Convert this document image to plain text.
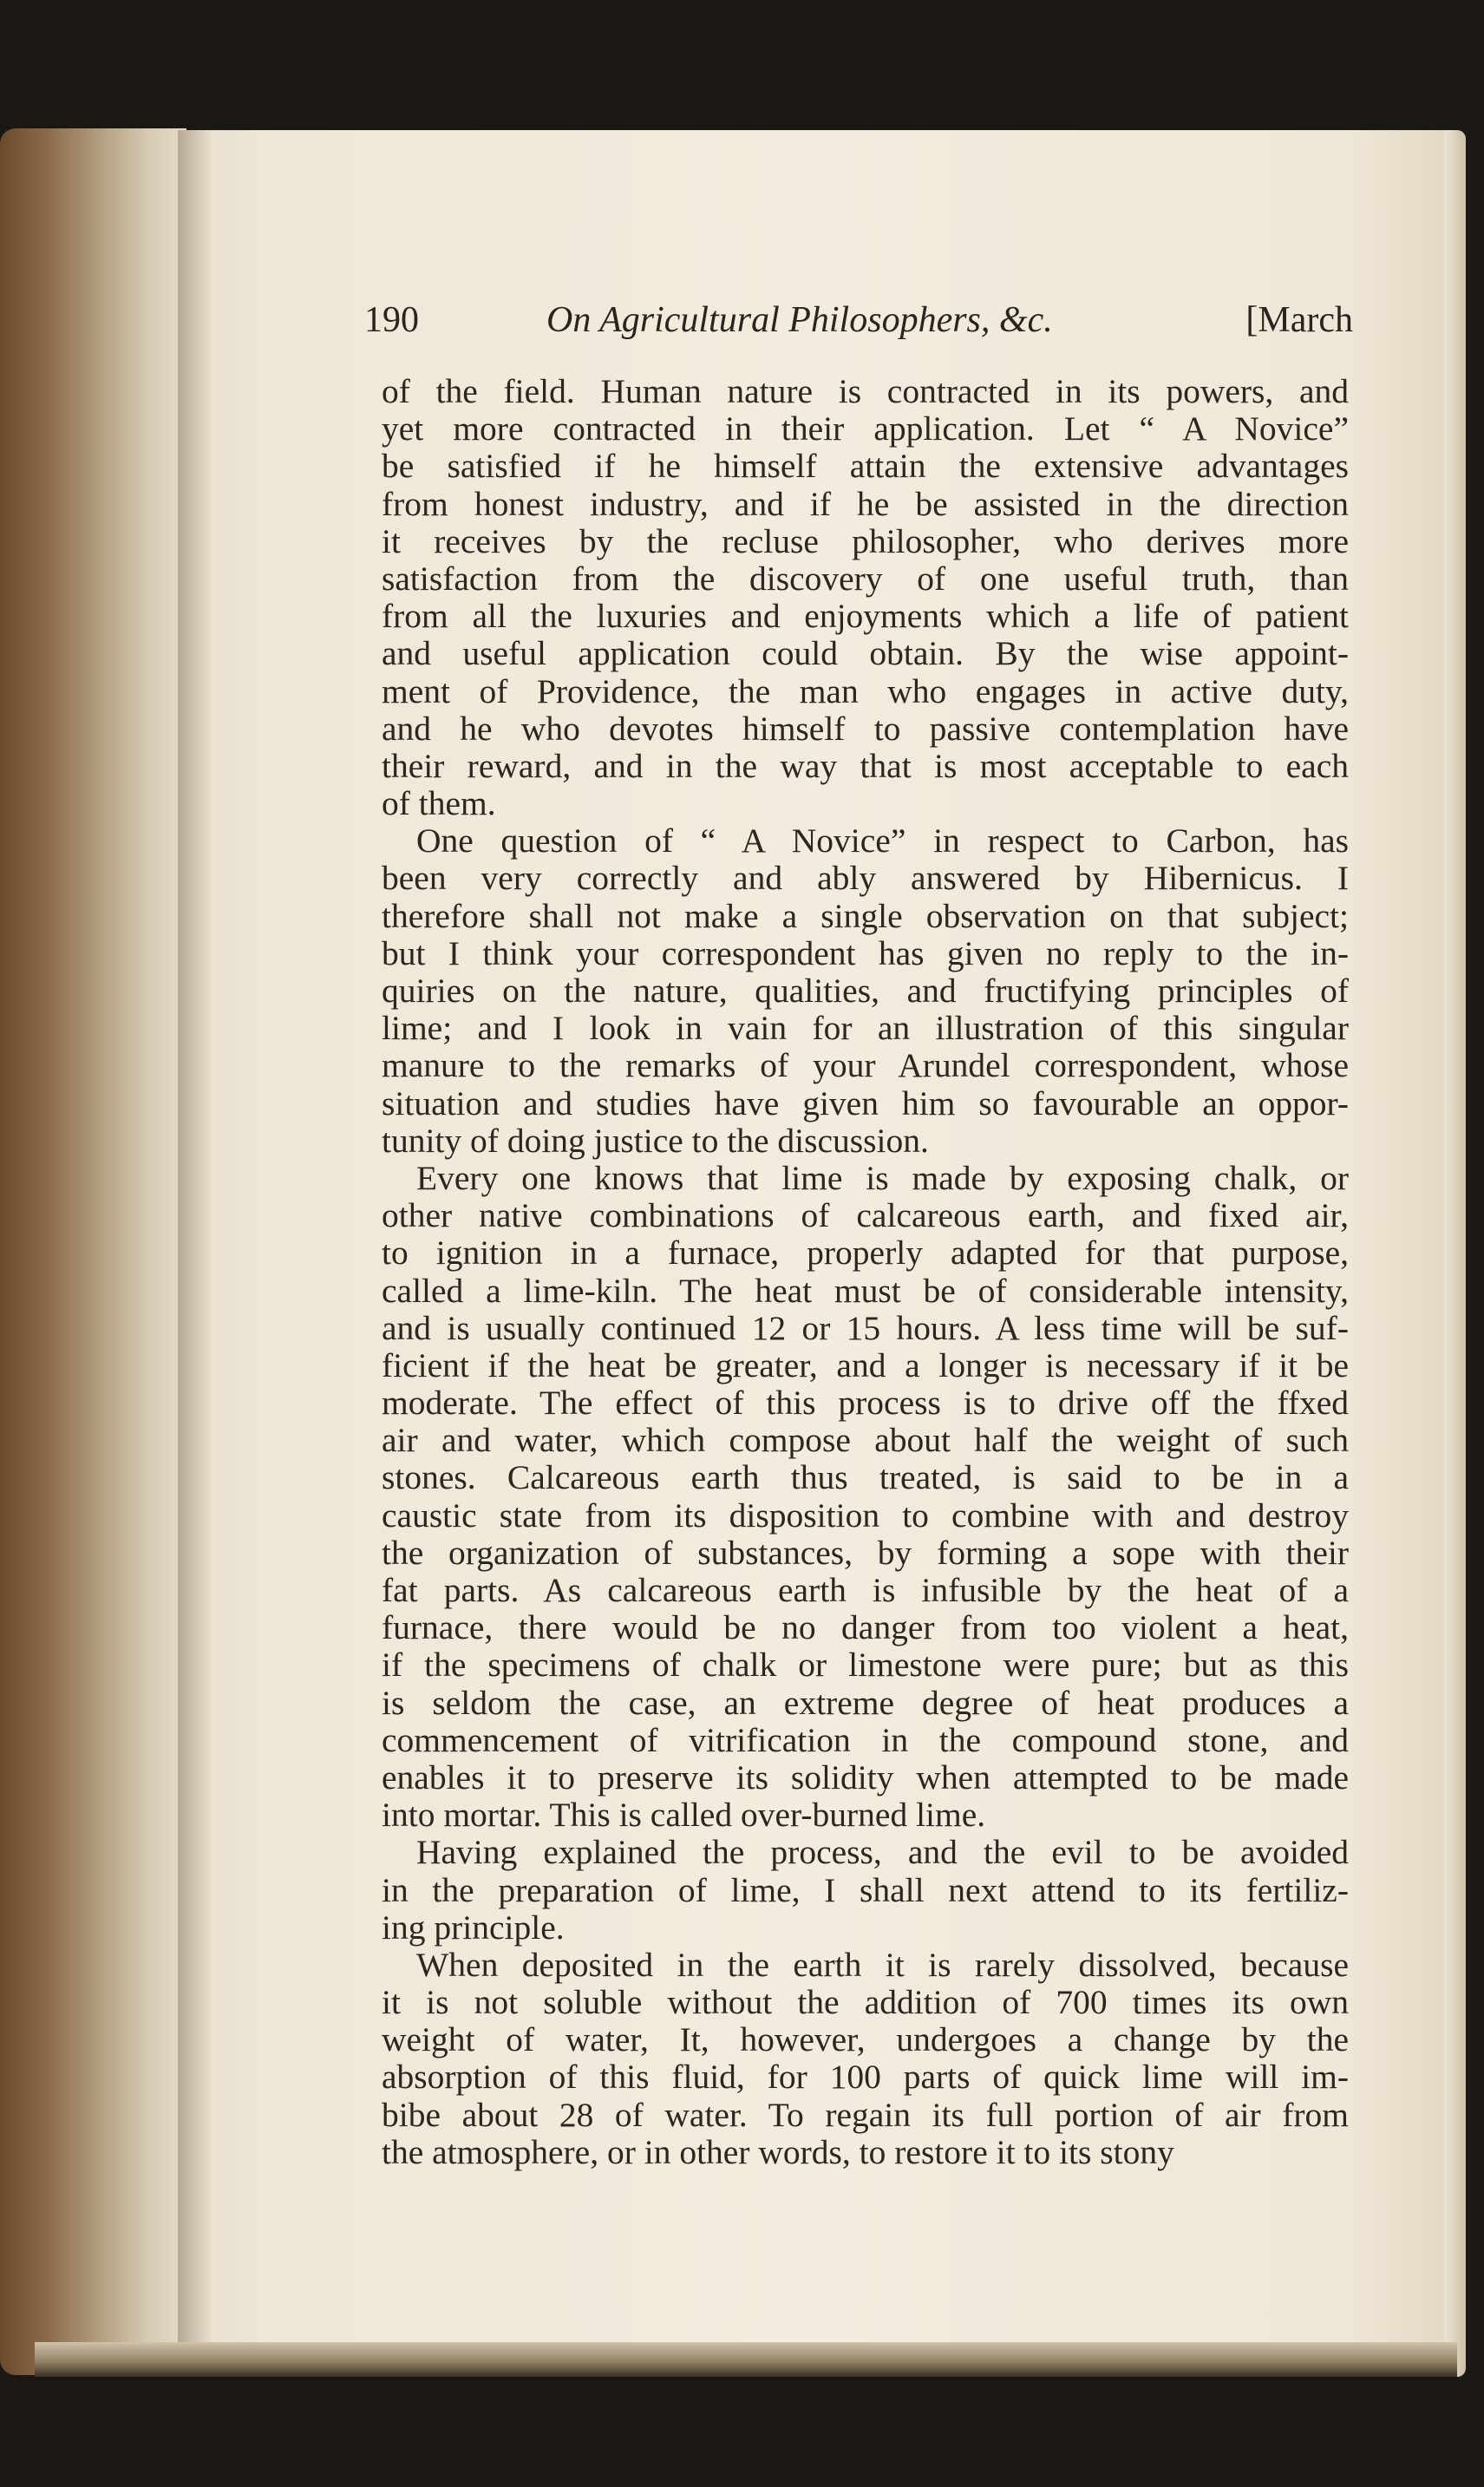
190	On Agricultural Philosophers, &c.	[March
of the field. Human nature is contracted in its powers, and
yet more contracted in their application. Let “ A Novice”
be satisfied if he himself attain the extensive advantages
from honest industry, and if he be assisted in the direction
it receives by the recluse philosopher, who derives more
satisfaction from the discovery of one useful truth, than
from all the luxuries and enjoyments which a life of patient
and useful application could obtain. By the wise appoint-
ment of Providence, the man who engages in active duty,
and he who devotes himself to passive contemplation have
their reward, and in the way that is most acceptable to each
of them.
One question of “ A Novice” in respect to Carbon, has
been very correctly and ably answered by Hibernicus. I
therefore shall not make a single observation on that subject;
but I think your correspondent has given no reply to the in-
quiries on the nature, qualities, and fructifying principles of
lime; and I look in vain for an illustration of this singular
manure to the remarks of your Arundel correspondent, whose
situation and studies have given him so favourable an oppor-
tunity of doing justice to the discussion.
Every one knows that lime is made by exposing chalk, or
other native combinations of calcareous earth, and fixed air,
to ignition in a furnace, properly adapted for that purpose,
called a lime-kiln. The heat must be of considerable intensity,
and is usually continued 12 or 15 hours. A less time will be suf-
ficient if the heat be greater, and a longer is necessary if it be
moderate. The effect of this process is to drive off the ffxed
air and water, which compose about half the weight of such
stones. Calcareous earth thus treated, is said to be in a
caustic state from its disposition to combine with and destroy
the organization of substances, by forming a sope with their
fat parts. As calcareous earth is infusible by the heat of a
furnace, there would be no danger from too violent a heat,
if the specimens of chalk or limestone were pure; but as this
is seldom the case, an extreme degree of heat produces a
commencement of vitrification in the compound stone, and
enables it to preserve its solidity when attempted to be made
into mortar. This is called over-burned lime.
Having explained the process, and the evil to be avoided
in the preparation of lime, I shall next attend to its fertiliz-
ing principle.
When deposited in the earth it is rarely dissolved, because
it is not soluble without the addition of 700 times its own
weight of water, It, however, undergoes a change by the
absorption of this fluid, for 100 parts of quick lime will im-
bibe about 28 of water. To regain its full portion of air from
the atmosphere, or in other words, to restore it to its stony
